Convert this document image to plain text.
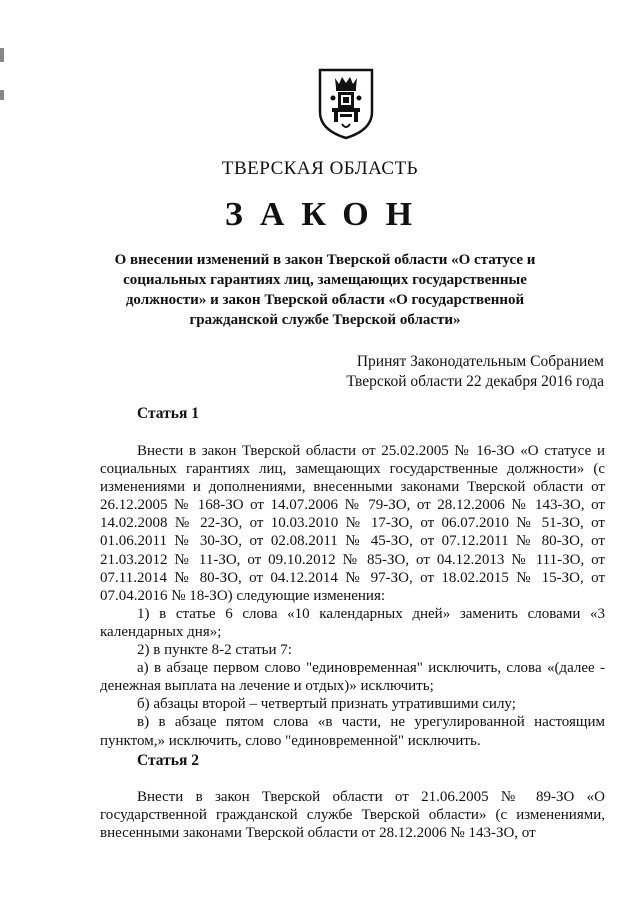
ТВЕРСКАЯ ОБЛАСТЬ
ЗАКОН
О внесении изменений в закон Тверской области «О статусе и социальных гарантиях лиц, замещающих государственные должности» и закон Тверской области «О государственной гражданской службе Тверской области»
Принят Законодательным Собранием
Тверской области 22 декабря 2016 года
Статья 1

Внести в закон Тверской области от 25.02.2005 № 16-ЗО «О статусе и социальных гарантиях лиц, замещающих государственные должности» (с изменениями и дополнениями, внесенными законами Тверской области от 26.12.2005 № 168-ЗО от 14.07.2006 № 79-ЗО, от 28.12.2006 № 143-ЗО, от 14.02.2008 № 22-ЗО, от 10.03.2010 № 17-ЗО, от 06.07.2010 № 51-ЗО, от 01.06.2011 № 30-ЗО, от 02.08.2011 № 45-ЗО, от 07.12.2011 № 80-ЗО, от 21.03.2012 № 11-ЗО, от 09.10.2012 № 85-ЗО, от 04.12.2013 № 111-ЗО, от 07.11.2014 № 80-ЗО, от 04.12.2014 № 97-ЗО, от 18.02.2015 № 15-ЗО, от 07.04.2016 № 18-ЗО) следующие изменения:

1) в статье 6 слова «10 календарных дней» заменить словами «3 календарных дня»;

2) в пункте 8-2 статьи 7:

а) в абзаце первом слово "единовременная" исключить, слова «(далее - денежная выплата на лечение и отдых)» исключить;

б) абзацы второй – четвертый признать утратившими силу;

в) в абзаце пятом слова «в части, не урегулированной настоящим пунктом,» исключить, слово "единовременной" исключить.

Статья 2

Внести в закон Тверской области от 21.06.2005 № 89-ЗО «О государственной гражданской службе Тверской области» (с изменениями, внесенными законами Тверской области от 28.12.2006 № 143-ЗО, от
